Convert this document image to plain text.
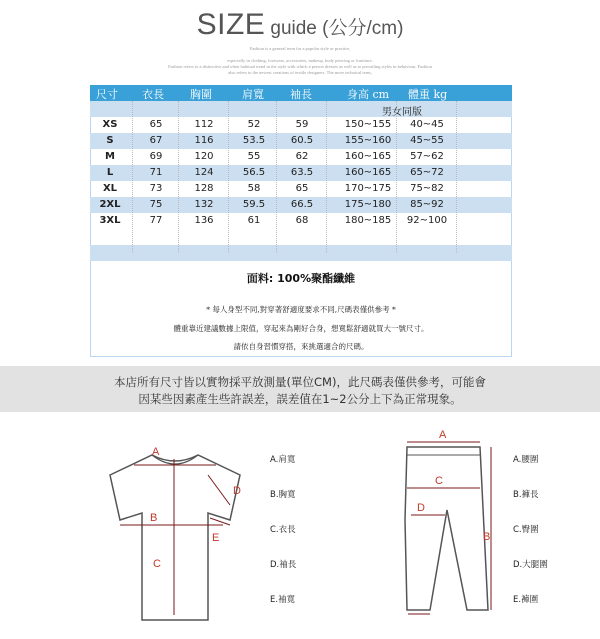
SIZE guide (公分/cm)
Fashion is a general term for a popular style or practice,
especially in clothing, footwear, accessories, makeup, body piercing or furniture.
Fashion refers to a distinctive and often habitual trend in the style with which a person dresses as well as to prevailing styles in behaviour. Fashion
also refers to the newest creations of textile designers. The more technical term,
尺寸 衣長 胸圍	肩寬 袖長	身高 cm 體重 kg
男女同版
XS	65	112	52	59	150~155	40~45
S	67	116	53.5	60.5	155~160	45~55
M	69	120	55	62	160~165	57~62
L	71	124	56.5	63.5	160~165	65~72
XL	73	128	58	65	170~175	75~82
2XL	75	132	59.5	66.5	175~180	85~92
3XL	77	136	61	68	180~185	92~100
面料: 100%聚酯纖維
* 每人身型不同,對穿著舒適度要求不同,尺碼表僅供參考 *
體重靠近建議數據上限值，穿起來為剛好合身，想寬鬆舒適就買大一號尺寸。
請依自身習慣穿搭，來挑選適合的尺碼。
本店所有尺寸皆以實物採平放測量(單位CM)，此尺碼表僅供參考，可能會
因某些因素產生些許誤差，誤差值在1~2公分上下為正常現象。
A
B
C
D
E
A.肩寬
B.胸寬
C.衣長
D.袖長
E.袖寬
A
C
B
D
A.腰圍
B.褲長
C.臀圍
D.大腿圍
E.褲圍
